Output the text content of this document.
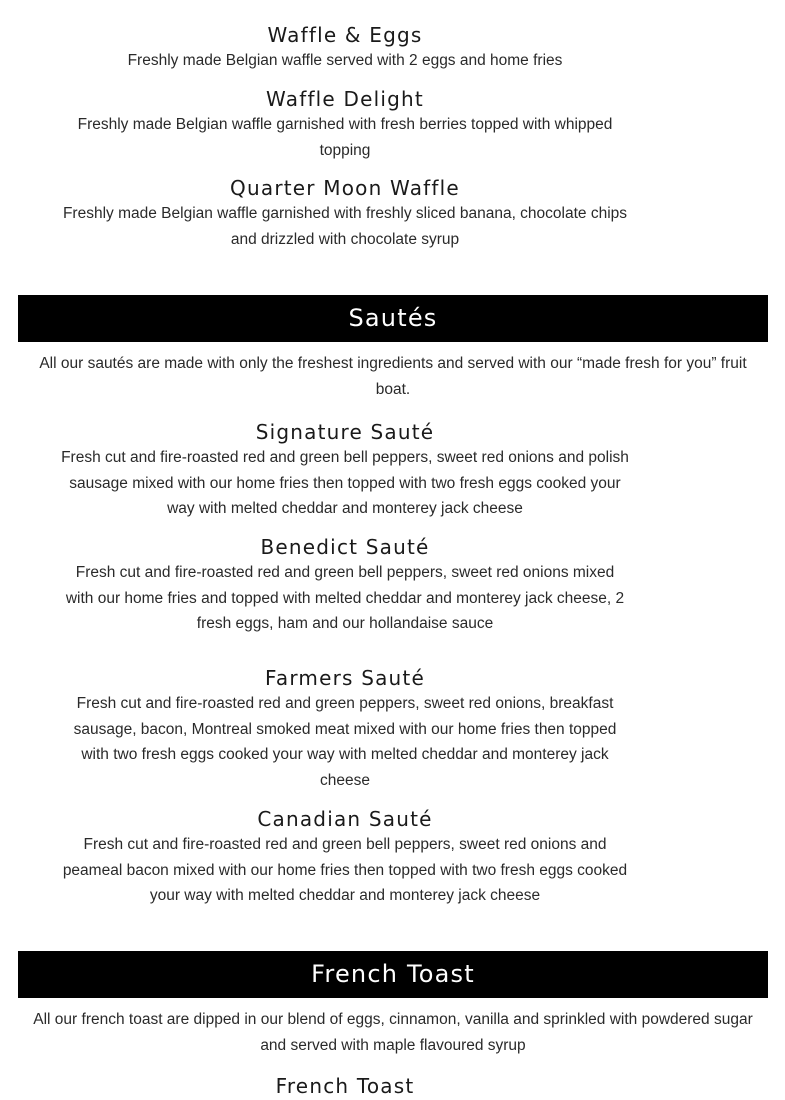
Waffle & Eggs
Freshly made Belgian waffle served with 2 eggs and home fries
Waffle Delight
Freshly made Belgian waffle garnished with fresh berries topped with whipped topping
Quarter Moon Waffle
Freshly made Belgian waffle garnished with freshly sliced banana, chocolate chips and drizzled with chocolate syrup
Sautés
All our sautés are made with only the freshest ingredients and served with our “made fresh for you” fruit boat.
Signature Sauté
Fresh cut and fire-roasted red and green bell peppers, sweet red onions and polish sausage mixed with our home fries then topped with two fresh eggs cooked your way with melted cheddar and monterey jack cheese
Benedict Sauté
Fresh cut and fire-roasted red and green bell peppers, sweet red onions mixed with our home fries and topped with melted cheddar and monterey jack cheese, 2 fresh eggs, ham and our hollandaise sauce
Farmers Sauté
Fresh cut and fire-roasted red and green peppers, sweet red onions, breakfast sausage, bacon, Montreal smoked meat mixed with our home fries then topped with two fresh eggs cooked your way with melted cheddar and monterey jack cheese
Canadian Sauté
Fresh cut and fire-roasted red and green bell peppers, sweet red onions and peameal bacon mixed with our home fries then topped with two fresh eggs cooked your way with melted cheddar and monterey jack cheese
French Toast
All our french toast are dipped in our blend of eggs, cinnamon, vanilla and sprinkled with powdered sugar and served with maple flavoured syrup
French Toast
